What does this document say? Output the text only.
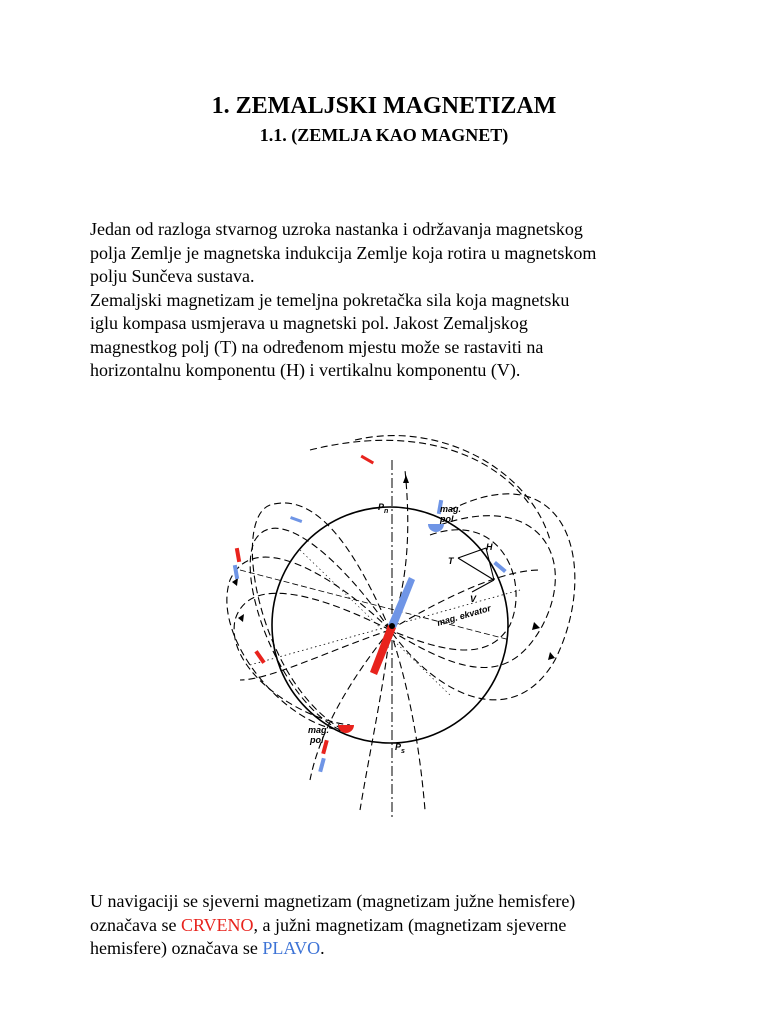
1. ZEMALJSKI MAGNETIZAM
1.1. (ZEMLJA KAO MAGNET)

Jedan od razloga stvarnog uzroka nastanka i održavanja magnetskog

polja Zemlje je magnetska indukcija Zemlje koja rotira u magnetskom

polju Sunčeva sustava.

Zemaljski magnetizam je temeljna pokretačka sila koja magnetsku

iglu kompasa usmjerava u magnetski pol. Jakost Zemaljskog

magnestkog polj (T) na određenom mjestu može se rastaviti na

horizontalnu komponentu (H) i vertikalnu komponentu (V).

$P_n$
$P_s$
mag.
pol
mag.
pol
mag. ekvator
T
H
V

U navigaciji se sjeverni magnetizam (magnetizam južne hemisfere)

označava se CRVENO, a južni magnetizam (magnetizam sjeverne

hemisfere) označava se PLAVO.
